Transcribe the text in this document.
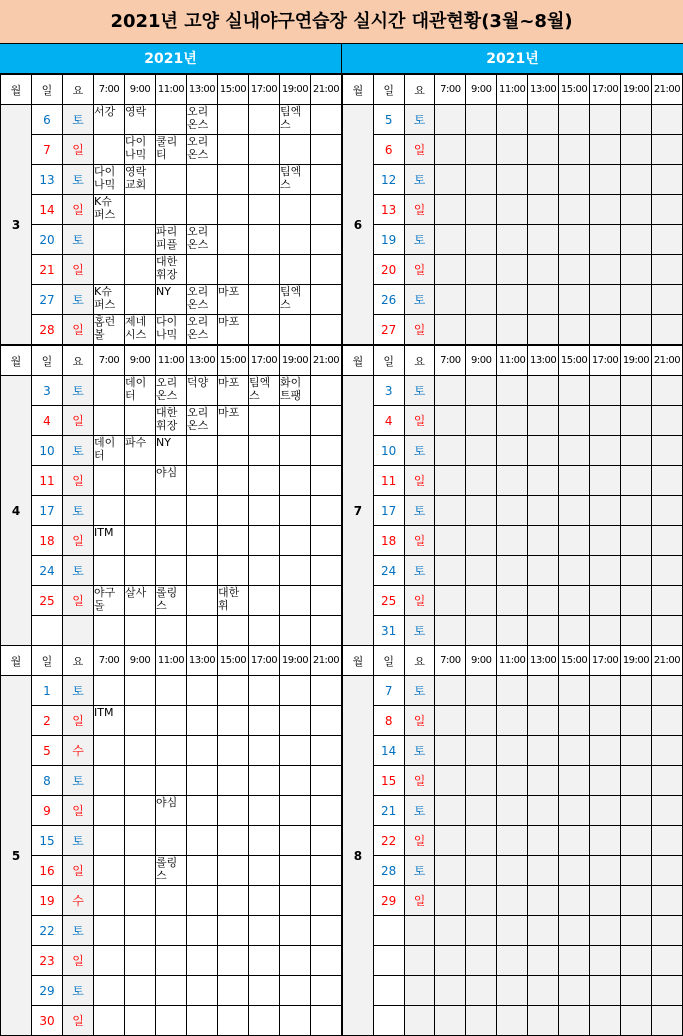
2021년 고양 실내야구연습장 실시간 대관현황(3월~8월)
2021년	2021년
월	일	요	7:00	9:00	11:00	13:00	15:00	17:00	19:00	21:00
3	6	토	서강	영락		오리온스			팀엑스	

	7	일		다이나믹	쿨리티	오리온스				

	13	토	다이나믹	영락교회					팀엑스	

	14	일	K슈퍼스							

	20	토			파리피플	오리온스				

	21	일			대한휘장					

	27	토	K슈퍼스		NY	오리온스	마포		팀엑스	

	28	일	홈런볼	제네시스	다이나믹	오리온스	마포			

월	일	요	7:00	9:00	11:00	13:00	15:00	17:00	19:00	21:00
6	5	토								
	6	일								
	12	토								
	13	일								
	19	토								
	20	일								
	26	토								
	27	일								
월	일	요	7:00	9:00	11:00	13:00	15:00	17:00	19:00	21:00
4	3	토		데이터	오리온스	덕양	마포	팀엑스	화이트팽	

	4	일			대한휘장	오리온스	마포			

	10	토	데이터	파수	NY					

	11	일			야심					

	17	토								
	18	일	ITM							

	24	토								
	25	일	야구돌	살사	롤링스		대한휘			

월	일	요	7:00	9:00	11:00	13:00	15:00	17:00	19:00	21:00
7	3	토								
	4	일								
	10	토								
	11	일								
	17	토								
	18	일								
	24	토								
	25	일								
	31	토								
월	일	요	7:00	9:00	11:00	13:00	15:00	17:00	19:00	21:00
5	1	토								
	2	일	ITM							

	5	수								
	8	토								
	9	일			야심					

	15	토								
	16	일			롤링스					

	19	수								
	22	토								
	23	일								
	29	토								
	30	일								
월	일	요	7:00	9:00	11:00	13:00	15:00	17:00	19:00	21:00
8	7	토								
	8	일								
	14	토								
	15	일								
	21	토								
	22	일								
	28	토								
	29	일								
